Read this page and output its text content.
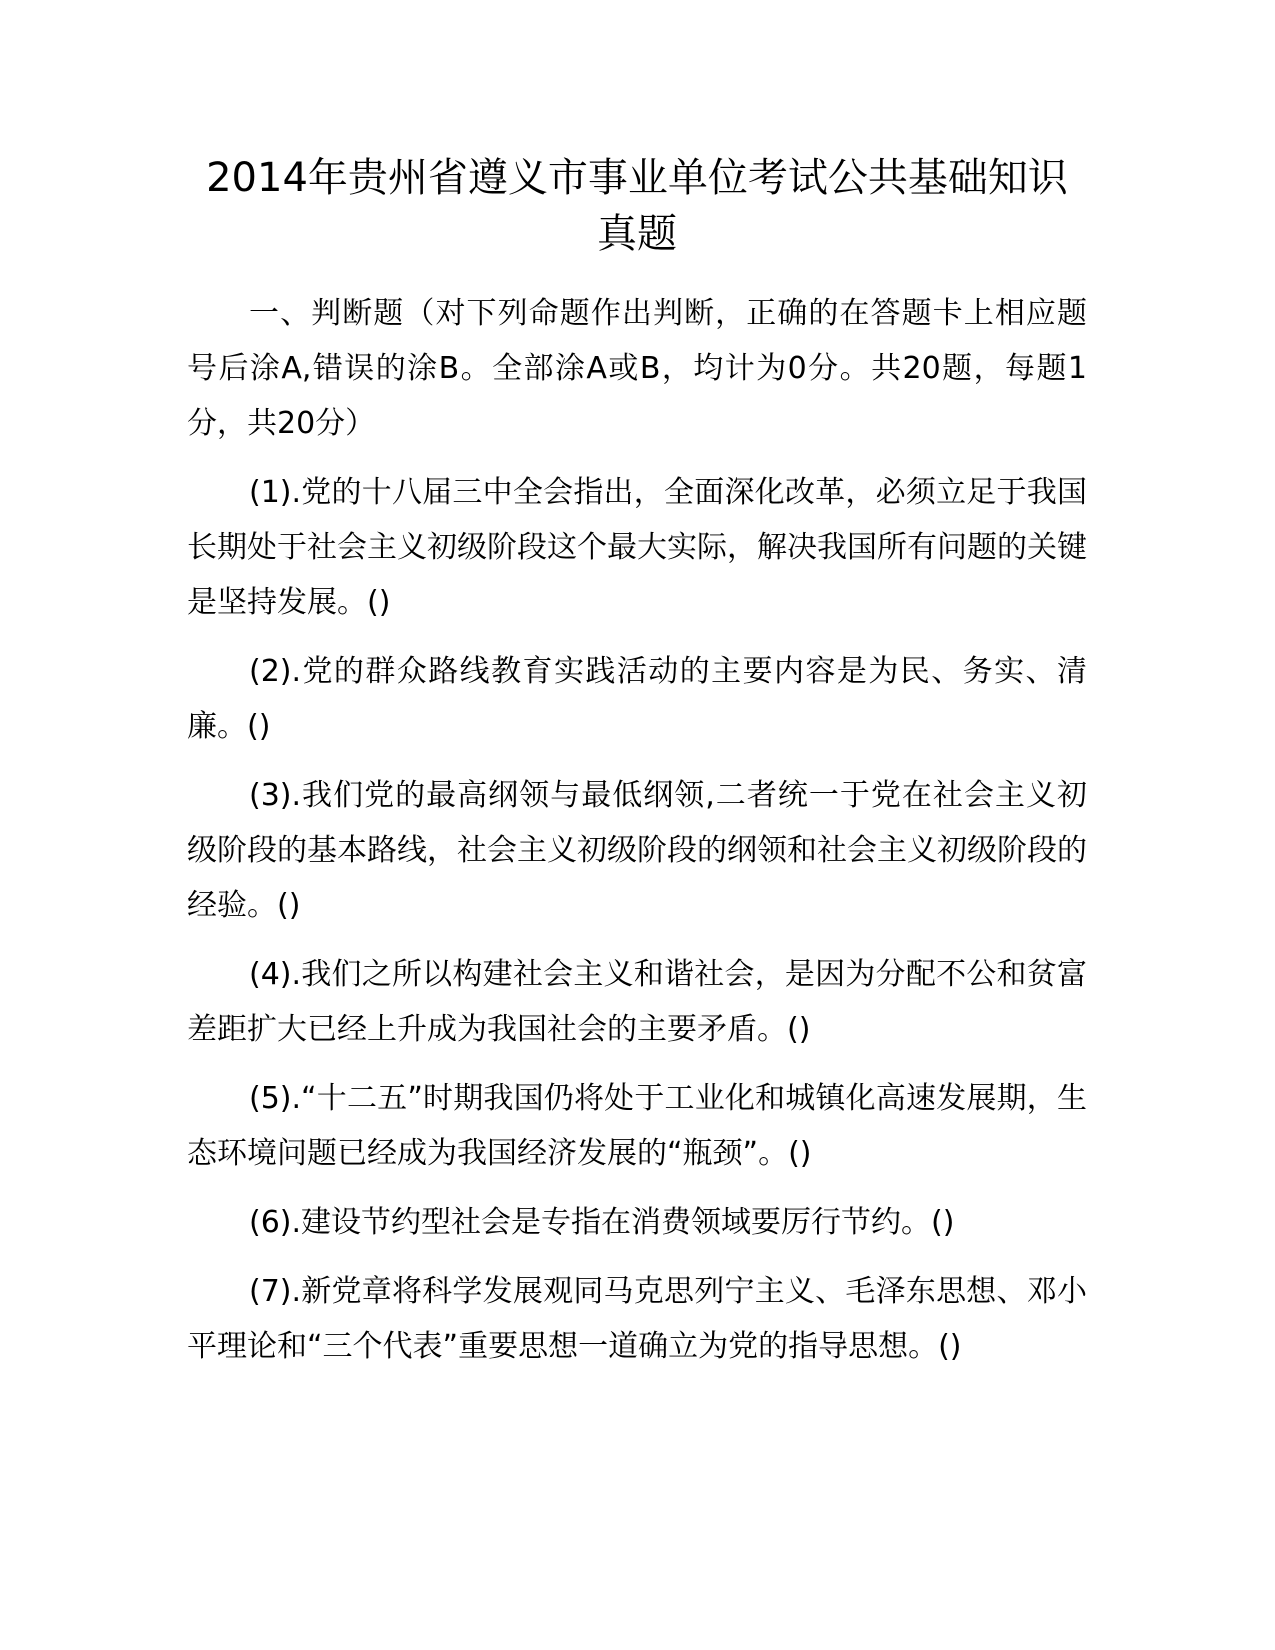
2014年贵州省遵义市事业单位考试公共基础知识真题

一、判断题（对下列命题作出判断，正确的在答题卡上相应题号后涂A,错误的涂B。全部涂A或B，均计为0分。共20题，每题1分，共20分）

(1).党的十八届三中全会指出，全面深化改革，必须立足于我国长期处于社会主义初级阶段这个最大实际，解决我国所有问题的关键是坚持发展。()

(2).党的群众路线教育实践活动的主要内容是为民、务实、清廉。()

(3).我们党的最高纲领与最低纲领,二者统一于党在社会主义初级阶段的基本路线，社会主义初级阶段的纲领和社会主义初级阶段的经验。()

(4).我们之所以构建社会主义和谐社会，是因为分配不公和贫富差距扩大已经上升成为我国社会的主要矛盾。()

(5).“十二五”时期我国仍将处于工业化和城镇化高速发展期，生态环境问题已经成为我国经济发展的“瓶颈”。()

(6).建设节约型社会是专指在消费领域要厉行节约。()

(7).新党章将科学发展观同马克思列宁主义、毛泽东思想、邓小平理论和“三个代表”重要思想一道确立为党的指导思想。()
